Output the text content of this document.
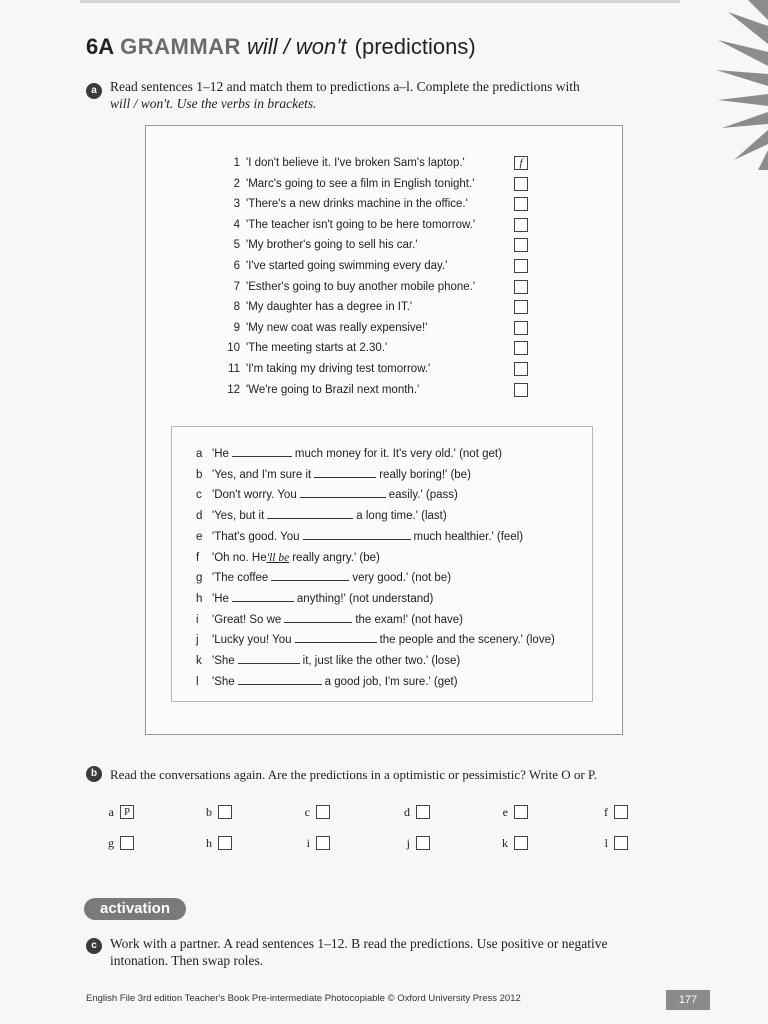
6A GRAMMAR will / won't (predictions)
a Read sentences 1–12 and match them to predictions a–l. Complete the predictions with
will / won't. Use the verbs in brackets.
1 'I don't believe it. I've broken Sam's laptop.'	f
2 'Marc's going to see a film in English tonight.'
3 'There's a new drinks machine in the office.'
4 'The teacher isn't going to be here tomorrow.'
5 'My brother's going to sell his car.'
6 'I've started going swimming every day.'
7 'Esther's going to buy another mobile phone.'
8 'My daughter has a degree in IT.'
9 'My new coat was really expensive!'
10 'The meeting starts at 2.30.'
11 'I'm taking my driving test tomorrow.'
12 'We're going to Brazil next month.'
a 'He	much money for it. It's very old.' (not get)
b 'Yes, and I'm sure it	really boring!' (be)
c 'Don't worry. You	easily.' (pass)
d 'Yes, but it	a long time.' (last)
e 'That's good. You	much healthier.' (feel)
f 'Oh no. He'll be really angry.' (be)
g 'The coffee	very good.' (not be)
h 'He	anything!' (not understand)
i 'Great! So we	the exam!' (not have)
j 'Lucky you! You	the people and the scenery.' (love)
k 'She	it, just like the other two.' (lose)
l 'She	a good job, I'm sure.' (get)
b Read the conversations again. Are the predictions in a optimistic or pessimistic? Write O or P.
a P	b	c	d	e	f
g	h	i	j	k	l
activation
c Work with a partner. A read sentences 1–12. B read the predictions. Use positive or negative
intonation. Then swap roles.
English File 3rd edition Teacher's Book Pre-intermediate Photocopiable © Oxford University Press 2012	177
